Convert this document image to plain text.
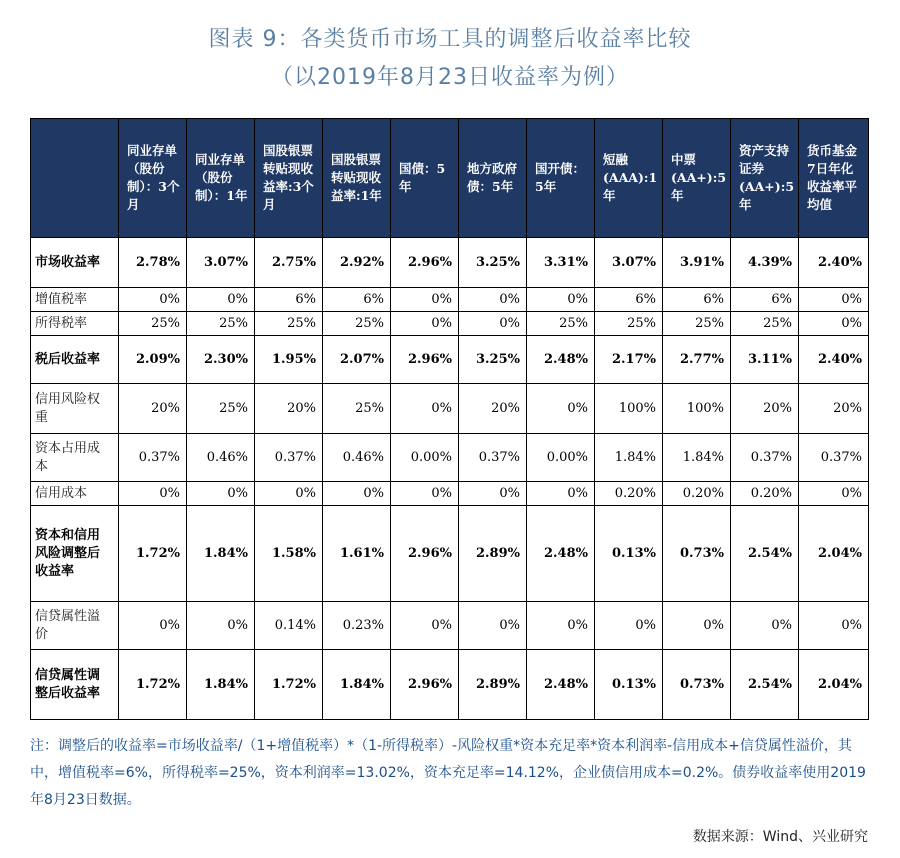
图表 9：各类货币市场工具的调整后收益率比较
（以2019年8月23日收益率为例）
	同业存单（股份制）：3个月	同业存单（股份制）：1年	国股银票转贴现收益率:3个月	国股银票转贴现收益率:1年	国债：5年	地方政府债：5年	国开债：5年	短融(AAA):1年	中票(AA+):5年	资产支持证券(AA+):5年	货币基金7日年化收益率平均值
市场收益率	2.78%	3.07%	2.75%	2.92%	2.96%	3.25%	3.31%	3.07%	3.91%	4.39%	2.40%
增值税率	0%	0%	6%	6%	0%	0%	0%	6%	6%	6%	0%
所得税率	25%	25%	25%	25%	0%	0%	25%	25%	25%	25%	0%
税后收益率	2.09%	2.30%	1.95%	2.07%	2.96%	3.25%	2.48%	2.17%	2.77%	3.11%	2.40%
信用风险权重	20%	25%	20%	25%	0%	20%	0%	100%	100%	20%	20%
资本占用成本	0.37%	0.46%	0.37%	0.46%	0.00%	0.37%	0.00%	1.84%	1.84%	0.37%	0.37%
信用成本	0%	0%	0%	0%	0%	0%	0%	0.20%	0.20%	0.20%	0%
资本和信用风险调整后收益率	1.72%	1.84%	1.58%	1.61%	2.96%	2.89%	2.48%	0.13%	0.73%	2.54%	2.04%
信贷属性溢价	0%	0%	0.14%	0.23%	0%	0%	0%	0%	0%	0%	0%
信贷属性调整后收益率	1.72%	1.84%	1.72%	1.84%	2.96%	2.89%	2.48%	0.13%	0.73%	2.54%	2.04%
注：调整后的收益率=市场收益率/（1+增值税率）*（1-所得税率）-风险权重*资本充足率*资本利润率-信用成本+信贷属性溢价，其中，增值税率=6%，所得税率=25%，资本利润率=13.02%，资本充足率=14.12%，企业债信用成本=0.2%。债券收益率使用2019年8月23日数据。
数据来源：Wind、兴业研究
